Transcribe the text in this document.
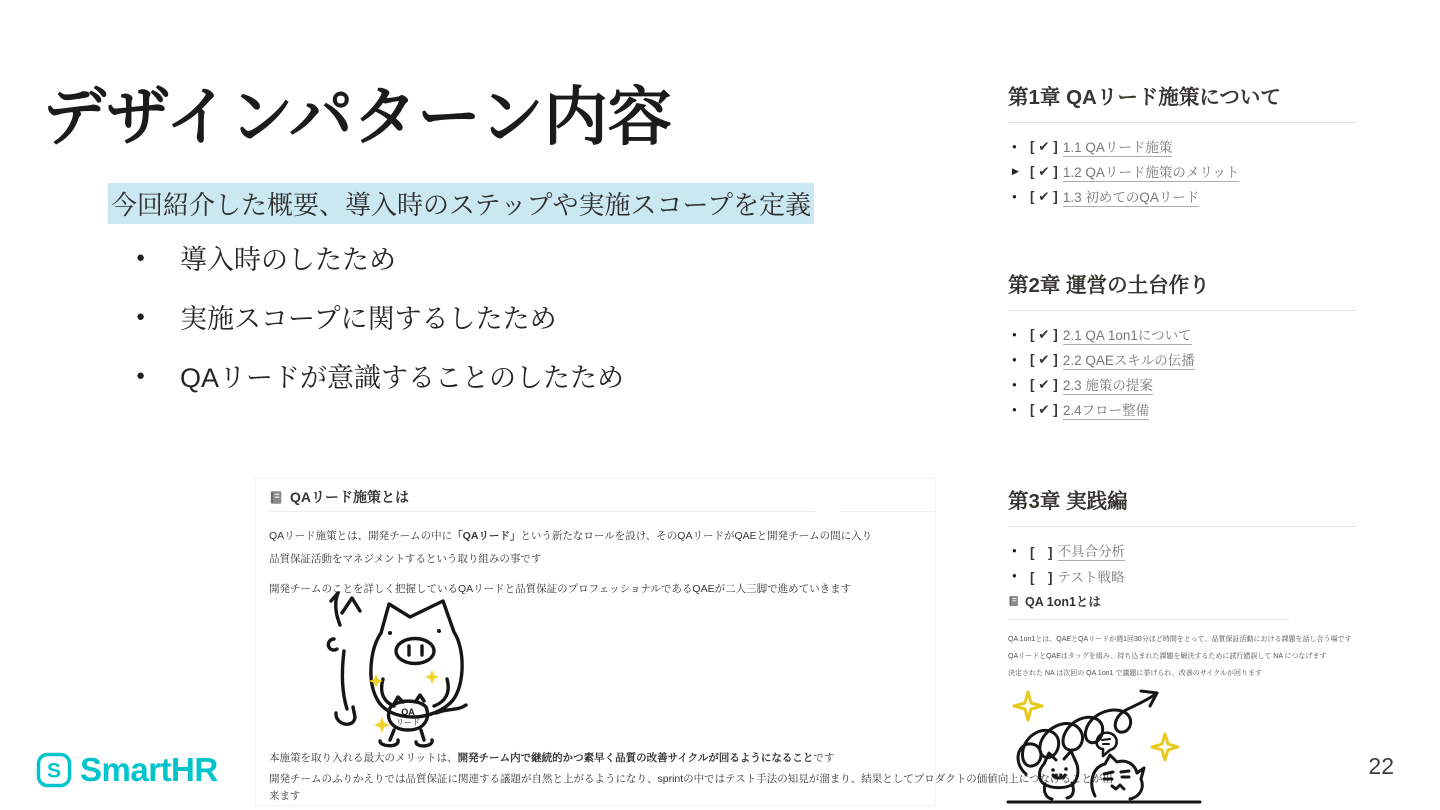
デザインパターン内容
今回紹介した概要、導入時のステップや実施スコープを定義
●	導入時のしたため
●	実施スコープに関するしたため
●	QAリードが意識することのしたため
QAリード施策とは
QAリード施策とは、開発チームの中に「QAリード」という新たなロールを設け、そのQAリードがQAEと開発チームの間に入り
品質保証活動をマネジメントするという取り組みの事です
開発チームのことを詳しく把握しているQAリードと品質保証のプロフェッショナルであるQAEが二人三脚で進めていきます
QA
リード
本施策を取り入れる最大のメリットは、開発チーム内で継続的かつ素早く品質の改善サイクルが回るようになることです
開発チームのふりかえりでは品質保証に関連する議題が自然と上がるようになり、sprintの中ではテスト手法の知見が溜まり、結果としてプロダクトの価値向上につなげることが出
来ます
第1章 QAリード施策について
● [ ✔ ] 1.1 QAリード施策
▶ [ ✔ ] 1.2 QAリード施策のメリット
● [ ✔ ] 1.3 初めてのQAリード
第2章 運営の土台作り
● [ ✔ ] 2.1 QA 1on1について
● [ ✔ ] 2.2 QAEスキルの伝播
● [ ✔ ] 2.3 施策の提案
● [ ✔ ] 2.4フロー整備
第3章 実践編
● [　] 不具合分析
● [　] テスト戦略
QA 1on1とは
QA 1on1とは、QAEとQAリードが週1回30分ほど時間をとって、品質保証活動における課題を話し合う場です
QAリードとQAEはタッグを組み、持ち込まれた課題を解決するために試行錯誤して NA につなげます
決定された NA は次回の QA 1on1 で議題に挙げられ、改善のサイクルが回ります
S SmartHR	22
